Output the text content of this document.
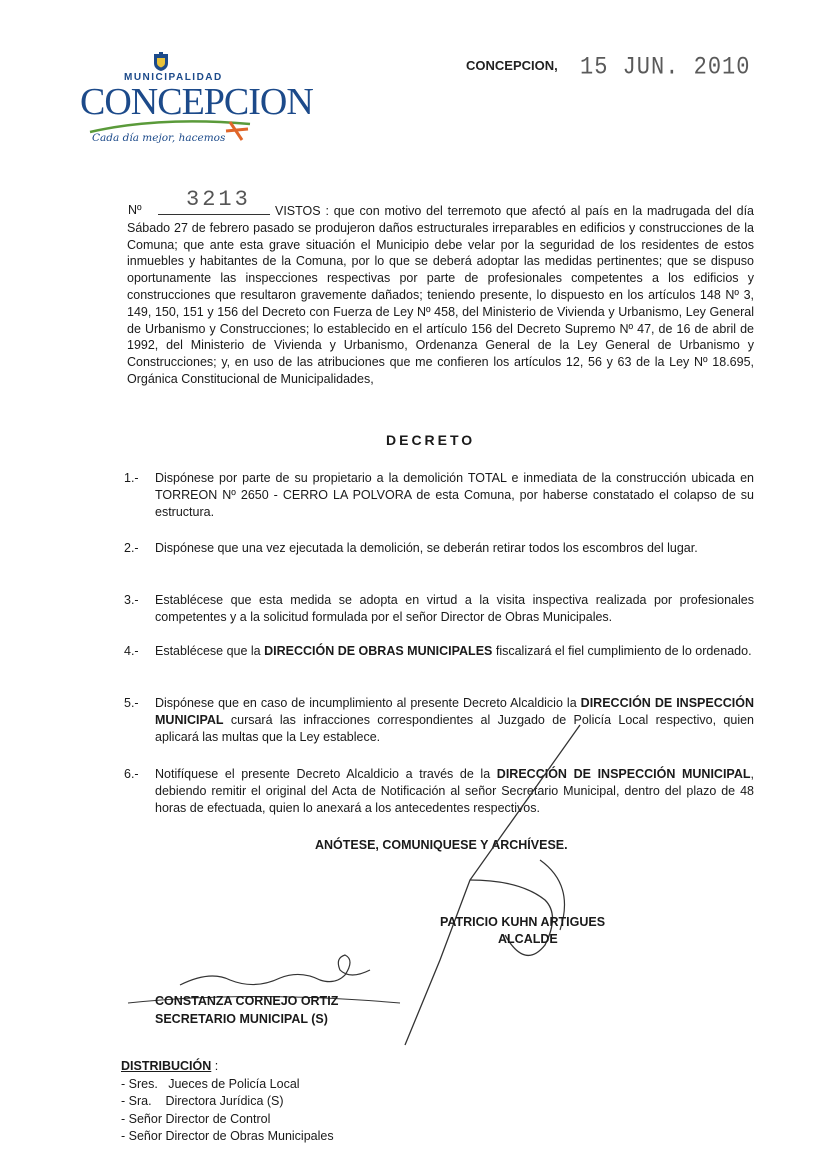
MUNICIPALIDAD
CONCEPCION
Cada día mejor, hacemos
CONCEPCION, 15 JUN. 2010
3213
Nº	VISTOS : que con motivo del terremoto que afectó al país en la madrugada del día Sábado 27 de febrero pasado se produjeron daños estructurales irreparables en edificios y construcciones de la Comuna; que ante esta grave situación el Municipio debe velar por la seguridad de los residentes de estos inmuebles y habitantes de la Comuna, por lo que se deberá adoptar las medidas pertinentes; que se dispuso oportunamente las inspecciones respectivas por parte de profesionales competentes a los edificios y construcciones que resultaron gravemente dañados; teniendo presente, lo dispuesto en los artículos 148 Nº 3, 149, 150, 151 y 156 del Decreto con Fuerza de Ley Nº 458, del Ministerio de Vivienda y Urbanismo, Ley General de Urbanismo y Construcciones; lo establecido en el artículo 156 del Decreto Supremo Nº 47, de 16 de abril de 1992, del Ministerio de Vivienda y Urbanismo, Ordenanza General de la Ley General de Urbanismo y Construcciones; y, en uso de las atribuciones que me confieren los artículos 12, 56 y 63 de la Ley Nº 18.695, Orgánica Constitucional de Municipalidades,
DECRETO
1.- Dispónese por parte de su propietario a la demolición TOTAL e inmediata de la construcción ubicada en TORREON Nº 2650 - CERRO LA POLVORA de esta Comuna, por haberse constatado el colapso de su estructura.
2.- Dispónese que una vez ejecutada la demolición, se deberán retirar todos los escombros del lugar.
3.- Establécese que esta medida se adopta en virtud a la visita inspectiva realizada por profesionales competentes y a la solicitud formulada por el señor Director de Obras Municipales.
4.- Establécese que la DIRECCIÓN DE OBRAS MUNICIPALES fiscalizará el fiel cumplimiento de lo ordenado.
5.- Dispónese que en caso de incumplimiento al presente Decreto Alcaldicio la DIRECCIÓN DE INSPECCIÓN MUNICIPAL cursará las infracciones correspondientes al Juzgado de Policía Local respectivo, quien aplicará las multas que la Ley establece.
6.- Notifíquese el presente Decreto Alcaldicio a través de la DIRECCIÓN DE INSPECCIÓN MUNICIPAL, debiendo remitir el original del Acta de Notificación al señor Secretario Municipal, dentro del plazo de 48 horas de efectuada, quien lo anexará a los antecedentes respectivos.
ANÓTESE, COMUNIQUESE Y ARCHÍVESE.
PATRICIO KUHN ARTIGUES
ALCALDE
CONSTANZA CORNEJO ORTIZ
SECRETARIO MUNICIPAL (S)
DISTRIBUCIÓN :
- Sres.   Jueces de Policía Local
- Sra.    Directora Jurídica (S)
- Señor Director de Control
- Señor Director de Obras Municipales
